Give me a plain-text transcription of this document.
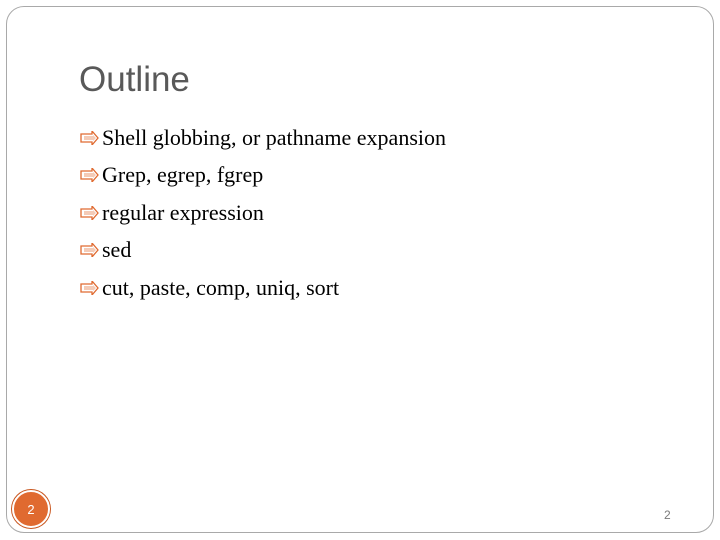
Outline
Shell globbing, or pathname expansion
Grep, egrep, fgrep
regular expression
sed
cut, paste, comp, uniq, sort
2	2
